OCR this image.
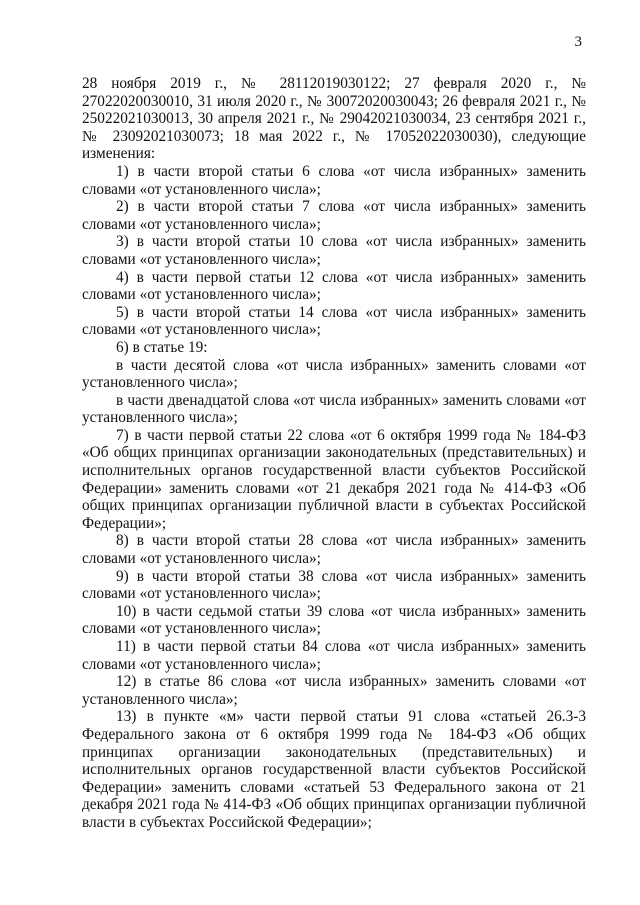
3

28 ноября 2019 г., № 28112019030122; 27 февраля 2020 г., № 27022020030010, 31 июля 2020 г., № 30072020030043; 26 февраля 2021 г., № 25022021030013, 30 апреля 2021 г., № 29042021030034, 23 сентября 2021 г., № 23092021030073; 18 мая 2022 г., № 17052022030030), следующие изменения:

1) в части второй статьи 6 слова «от числа избранных» заменить словами «от установленного числа»;

2) в части второй статьи 7 слова «от числа избранных» заменить словами «от установленного числа»;

3) в части второй статьи 10 слова «от числа избранных» заменить словами «от установленного числа»;

4) в части первой статьи 12 слова «от числа избранных» заменить словами «от установленного числа»;

5) в части второй статьи 14 слова «от числа избранных» заменить словами «от установленного числа»;

6) в статье 19:

в части десятой слова «от числа избранных» заменить словами «от установленного числа»;

в части двенадцатой слова «от числа избранных» заменить словами «от установленного числа»;

7) в части первой статьи 22 слова «от 6 октября 1999 года № 184-ФЗ «Об общих принципах организации законодательных (представительных) и исполнительных органов государственной власти субъектов Российской Федерации» заменить словами «от 21 декабря 2021 года № 414-ФЗ «Об общих принципах организации публичной власти в субъектах Российской Федерации»;

8) в части второй статьи 28 слова «от числа избранных» заменить словами «от установленного числа»;

9) в части второй статьи 38 слова «от числа избранных» заменить словами «от установленного числа»;

10) в части седьмой статьи 39 слова «от числа избранных» заменить словами «от установленного числа»;

11) в части первой статьи 84 слова «от числа избранных» заменить словами «от установленного числа»;

12) в статье 86 слова «от числа избранных» заменить словами «от установленного числа»;

13) в пункте «м» части первой статьи 91 слова «статьей 26.3-3 Федерального закона от 6 октября 1999 года № 184-ФЗ «Об общих принципах организации законодательных (представительных) и исполнительных органов государственной власти субъектов Российской Федерации» заменить словами «статьей 53 Федерального закона от 21 декабря 2021 года № 414-ФЗ «Об общих принципах организации публичной власти в субъектах Российской Федерации»;
